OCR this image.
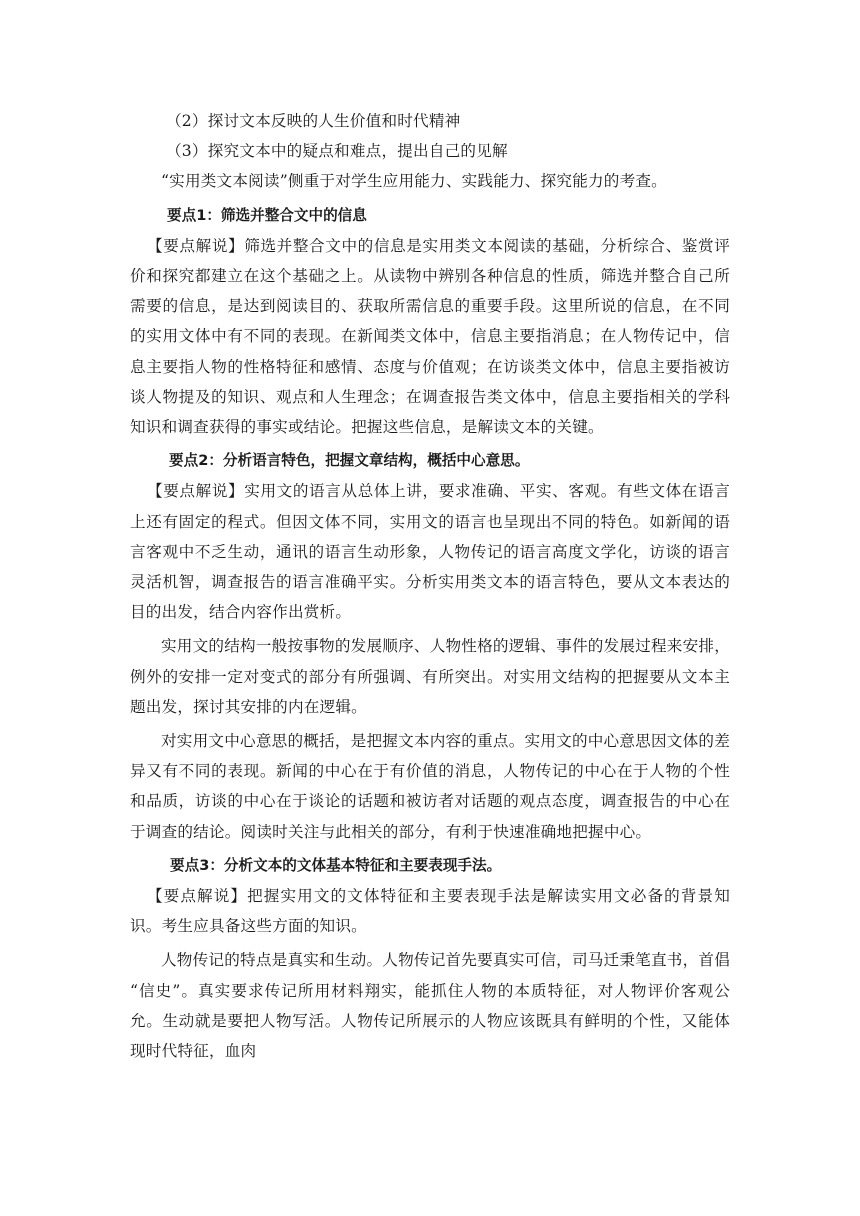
（2）探讨文本反映的人生价值和时代精神

（3）探究文本中的疑点和难点，提出自己的见解

“实用类文本阅读”侧重于对学生应用能力、实践能力、探究能力的考查。

要点1：筛选并整合文中的信息

【要点解说】筛选并整合文中的信息是实用类文本阅读的基础，分析综合、鉴赏评价和探究都建立在这个基础之上。从读物中辨别各种信息的性质，筛选并整合自己所需要的信息，是达到阅读目的、获取所需信息的重要手段。这里所说的信息，在不同的实用文体中有不同的表现。在新闻类文体中，信息主要指消息；在人物传记中，信息主要指人物的性格特征和感情、态度与价值观；在访谈类文体中，信息主要指被访谈人物提及的知识、观点和人生理念；在调查报告类文体中，信息主要指相关的学科知识和调查获得的事实或结论。把握这些信息，是解读文本的关键。

要点2：分析语言特色，把握文章结构，概括中心意思。

【要点解说】实用文的语言从总体上讲，要求准确、平实、客观。有些文体在语言上还有固定的程式。但因文体不同，实用文的语言也呈现出不同的特色。如新闻的语言客观中不乏生动，通讯的语言生动形象，人物传记的语言高度文学化，访谈的语言灵活机智，调查报告的语言准确平实。分析实用类文本的语言特色，要从文本表达的目的出发，结合内容作出赏析。

实用文的结构一般按事物的发展顺序、人物性格的逻辑、事件的发展过程来安排，例外的安排一定对变式的部分有所强调、有所突出。对实用文结构的把握要从文本主题出发，探讨其安排的内在逻辑。

对实用文中心意思的概括，是把握文本内容的重点。实用文的中心意思因文体的差异又有不同的表现。新闻的中心在于有价值的消息，人物传记的中心在于人物的个性和品质，访谈的中心在于谈论的话题和被访者对话题的观点态度，调查报告的中心在于调查的结论。阅读时关注与此相关的部分，有利于快速准确地把握中心。

要点3：分析文本的文体基本特征和主要表现手法。

【要点解说】把握实用文的文体特征和主要表现手法是解读实用文必备的背景知识。考生应具备这些方面的知识。

人物传记的特点是真实和生动。人物传记首先要真实可信，司马迁秉笔直书，首倡 “信史”。真实要求传记所用材料翔实，能抓住人物的本质特征，对人物评价客观公允。生动就是要把人物写活。人物传记所展示的人物应该既具有鲜明的个性，又能体现时代特征，血肉
